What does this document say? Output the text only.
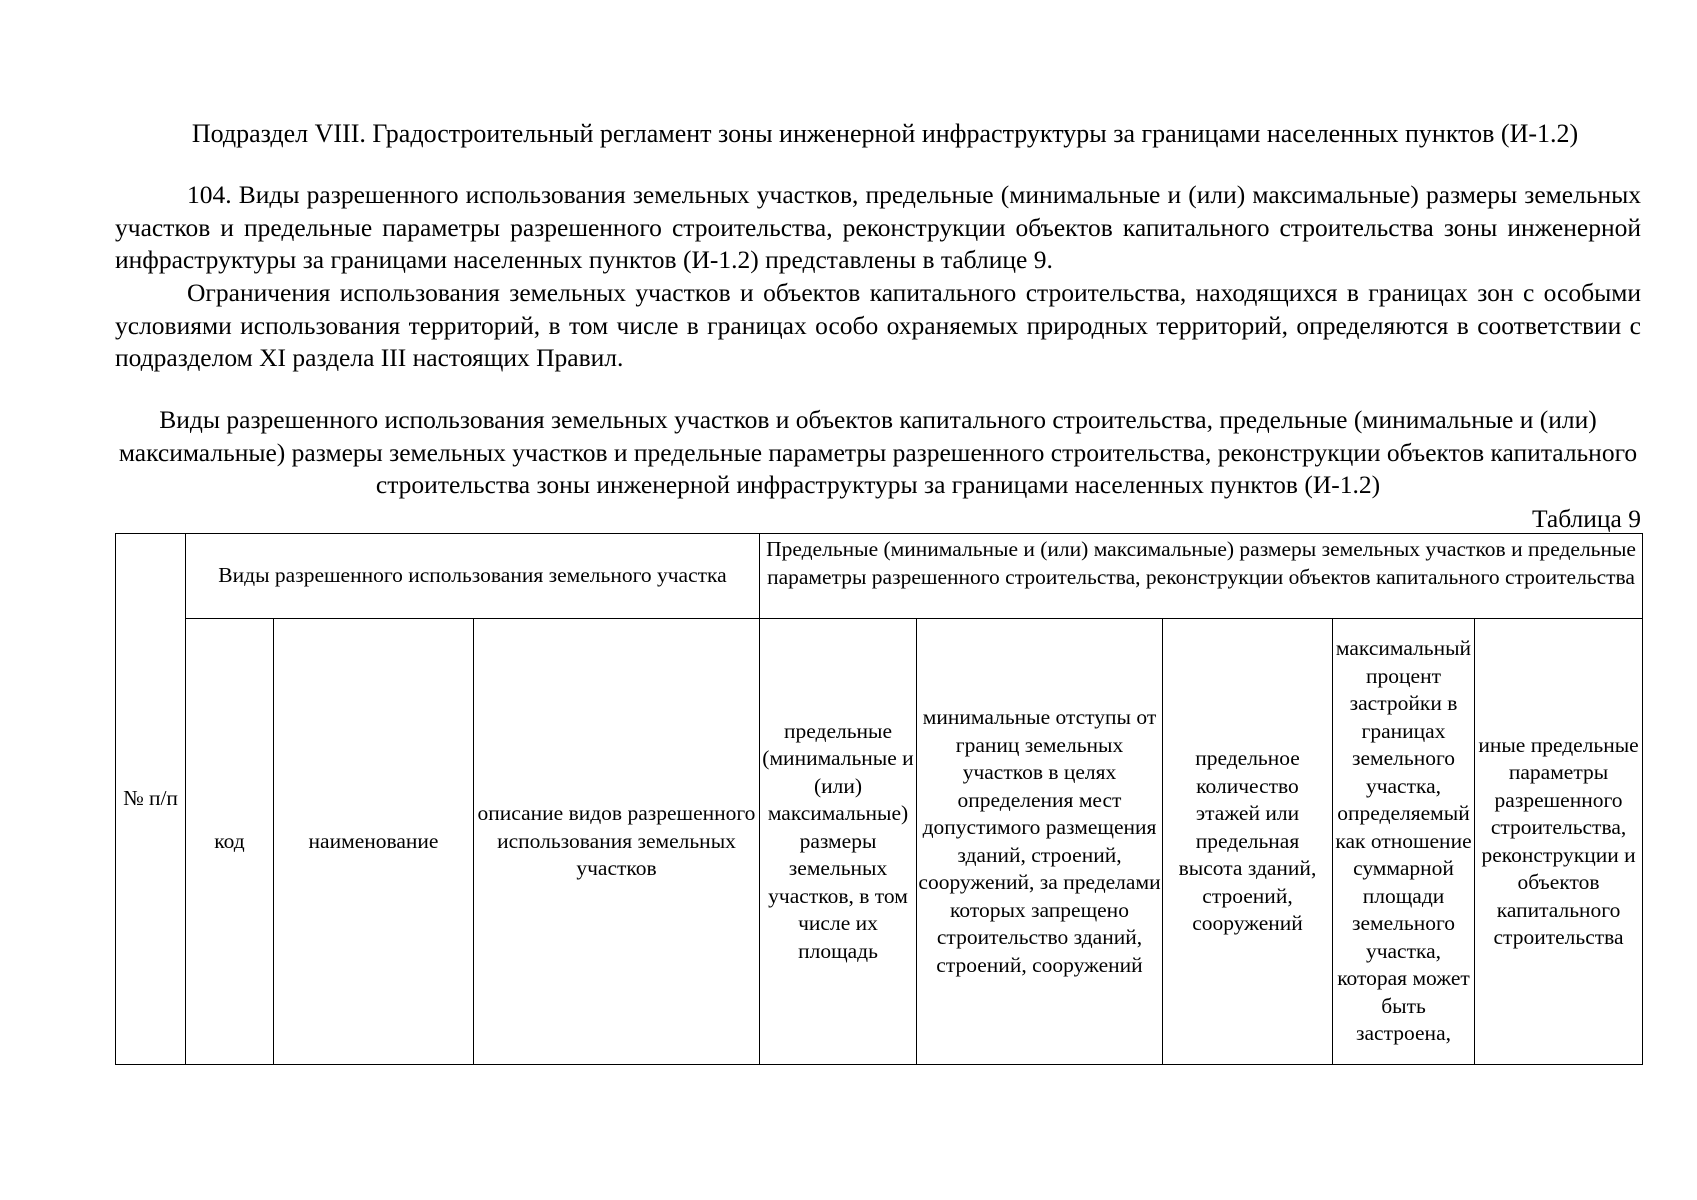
Подраздел VIII. Градостроительный регламент зоны инженерной инфраструктуры за границами населенных пунктов (И-1.2)
104. Виды разрешенного использования земельных участков, предельные (минимальные и (или) максимальные) размеры земельных участков и предельные параметры разрешенного строительства, реконструкции объектов капитального строительства зоны инженерной инфраструктуры за границами населенных пунктов (И-1.2) представлены в таблице 9.
Ограничения использования земельных участков и объектов капитального строительства, находящихся в границах зон с особыми условиями использования территорий, в том числе в границах особо охраняемых природных территорий, определяются в соответствии с подразделом XI раздела III настоящих Правил.
Виды разрешенного использования земельных участков и объектов капитального строительства, предельные (минимальные и (или) максимальные) размеры земельных участков и предельные параметры разрешенного строительства, реконструкции объектов капитального строительства зоны инженерной инфраструктуры за границами населенных пунктов (И-1.2)
Таблица 9
№ п/п	Виды разрешенного использования земельного участка			Предельные (минимальные и (или) максимальные) размеры земельных участков и предельные параметры разрешенного строительства, реконструкции объектов капитального строительства				
	код	наименование	описание видов разрешенного использования земельных участков	предельные (минимальные и (или) максимальные) размеры земельных участков, в том числе их площадь	минимальные отступы от границ земельных участков в целях определения мест допустимого размещения зданий, строений, сооружений, за пределами которых запрещено строительство зданий, строений, сооружений	предельное количество этажей или предельная высота зданий, строений, сооружений	максимальный процент застройки в границах земельного участка, определяемый как отношение суммарной площади земельного участка, которая может быть застроена,	иные предельные параметры разрешенного строительства, реконструкции и объектов капитального строительства
